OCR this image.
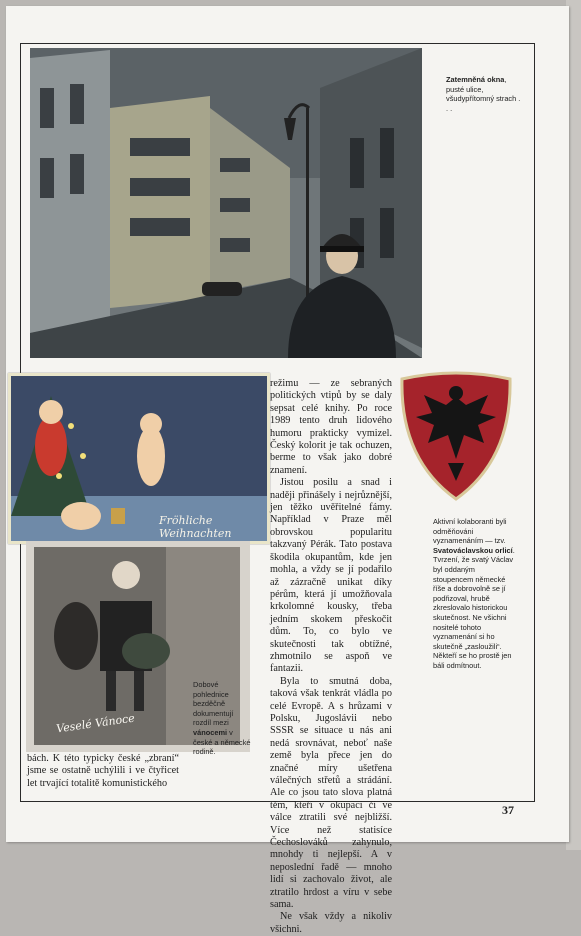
Zatemněná okna, pusté ulice, všudypřítomný strach . . .
Fröhliche Weihnachten
Veselé Vánoce

režimu — ze sebraných politických vtipů by se daly sepsat celé knihy. Po roce 1989 tento druh lidového humoru prakticky vymizel. Český kolorit je tak ochuzen, berme to však jako dobré znamení.

Jistou posilu a snad i naději přinášely i nejrůznější, jen těžko uvěřitelné fámy. Například v Praze měl obrovskou popularitu takzvaný Pérák. Tato postava škodila okupantům, kde jen mohla, a vždy se jí podařilo až zázračně unikat díky pérům, která jí umožňovala krkolomné kousky, třeba jedním skokem přeskočit dům. To, co bylo ve skutečnosti tak obtížné, zhmotnilo se aspoň ve fantazii.

Byla to smutná doba, taková však tenkrát vládla po celé Evropě. A s hrůzami v Polsku, Jugoslávii nebo SSSR se situace u nás ani nedá srovnávat, neboť naše země byla přece jen do značné míry ušetřena válečných střetů a strádání. Ale co jsou tato slova platná těm, kteří v okupaci či ve válce ztratili své nejbližší. Více než statisíce Čechoslováků zahynulo, mnohdy ti nejlepší. A v neposlední řadě — mnoho lidí si zachovalo život, ale ztratilo hrdost a víru v sebe sama.

Ne však vždy a nikoliv všichni.

bách. K této typicky české „zbraní“ jsme se ostatně uchýlili i ve čtyřicet let trvající totalitě komunistického

Dobové pohlednice bezděčně dokumentují rozdíl mezi vánocemi v české a německé rodině.
Aktivní kolaboranti byli odměňováni vyznamenáním — tzv. Svatováclavskou orlicí. Tvrzení, že svatý Václav byl oddaným stoupencem německé říše a dobrovolně se jí podřizoval, hrubě zkreslovalo historickou skutečnost. Ne všichni nositelé tohoto vyznamenání si ho skutečně „zasloužili“. Někteří se ho prostě jen báli odmítnout.
37
